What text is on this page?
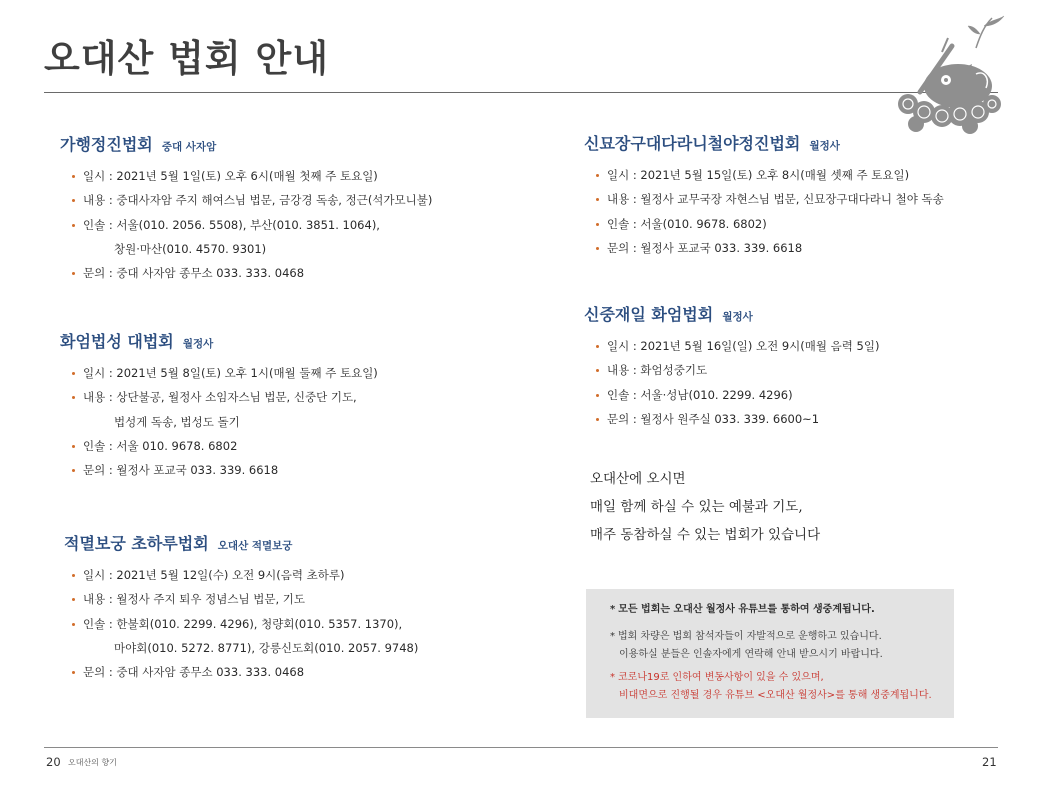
오대산 법회 안내
가행정진법회 중대 사자암
일시 : 2021년 5월 1일(토) 오후 6시(매월 첫째 주 토요일)
내용 : 중대사자암 주지 해여스님 법문, 금강경 독송, 정근(석가모니불)
인솔 : 서울(010. 2056. 5508), 부산(010. 3851. 1064),
창원·마산(010. 4570. 9301)
문의 : 중대 사자암 종무소 033. 333. 0468
화엄법성 대법회 월정사
일시 : 2021년 5월 8일(토) 오후 1시(매월 둘째 주 토요일)
내용 : 상단불공, 월정사 소임자스님 법문, 신중단 기도,
법성게 독송, 법성도 돌기
인솔 : 서울 010. 9678. 6802
문의 : 월정사 포교국 033. 339. 6618
적멸보궁 초하루법회 오대산 적멸보궁
일시 : 2021년 5월 12일(수) 오전 9시(음력 초하루)
내용 : 월정사 주지 퇴우 정념스님 법문, 기도
인솔 : 한불회(010. 2299. 4296), 청량회(010. 5357. 1370),
마야회(010. 5272. 8771), 강릉신도회(010. 2057. 9748)
문의 : 중대 사자암 종무소 033. 333. 0468
신묘장구대다라니철야정진법회 월정사
일시 : 2021년 5월 15일(토) 오후 8시(매월 셋째 주 토요일)
내용 : 월정사 교무국장 자현스님 법문, 신묘장구대다라니 철야 독송
인솔 : 서울(010. 9678. 6802)
문의 : 월정사 포교국 033. 339. 6618
신중재일 화엄법회 월정사
일시 : 2021년 5월 16일(일) 오전 9시(매월 음력 5일)
내용 : 화엄성중기도
인솔 : 서울·성남(010. 2299. 4296)
문의 : 월정사 원주실 033. 339. 6600~1

오대산에 오시면
매일 함께 하실 수 있는 예불과 기도,
매주 동참하실 수 있는 법회가 있습니다

* 모든 법회는 오대산 월정사 유튜브를 통하여 생중계됩니다.
* 법회 차량은 법회 참석자들이 자발적으로 운행하고 있습니다.
이용하실 분들은 인솔자에게 연락해 안내 받으시기 바랍니다.
* 코로나19로 인하여 변동사항이 있을 수 있으며,
비대면으로 진행될 경우 유튜브 <오대산 월정사>를 통해 생중계됩니다.
20 오대산의 향기	21
